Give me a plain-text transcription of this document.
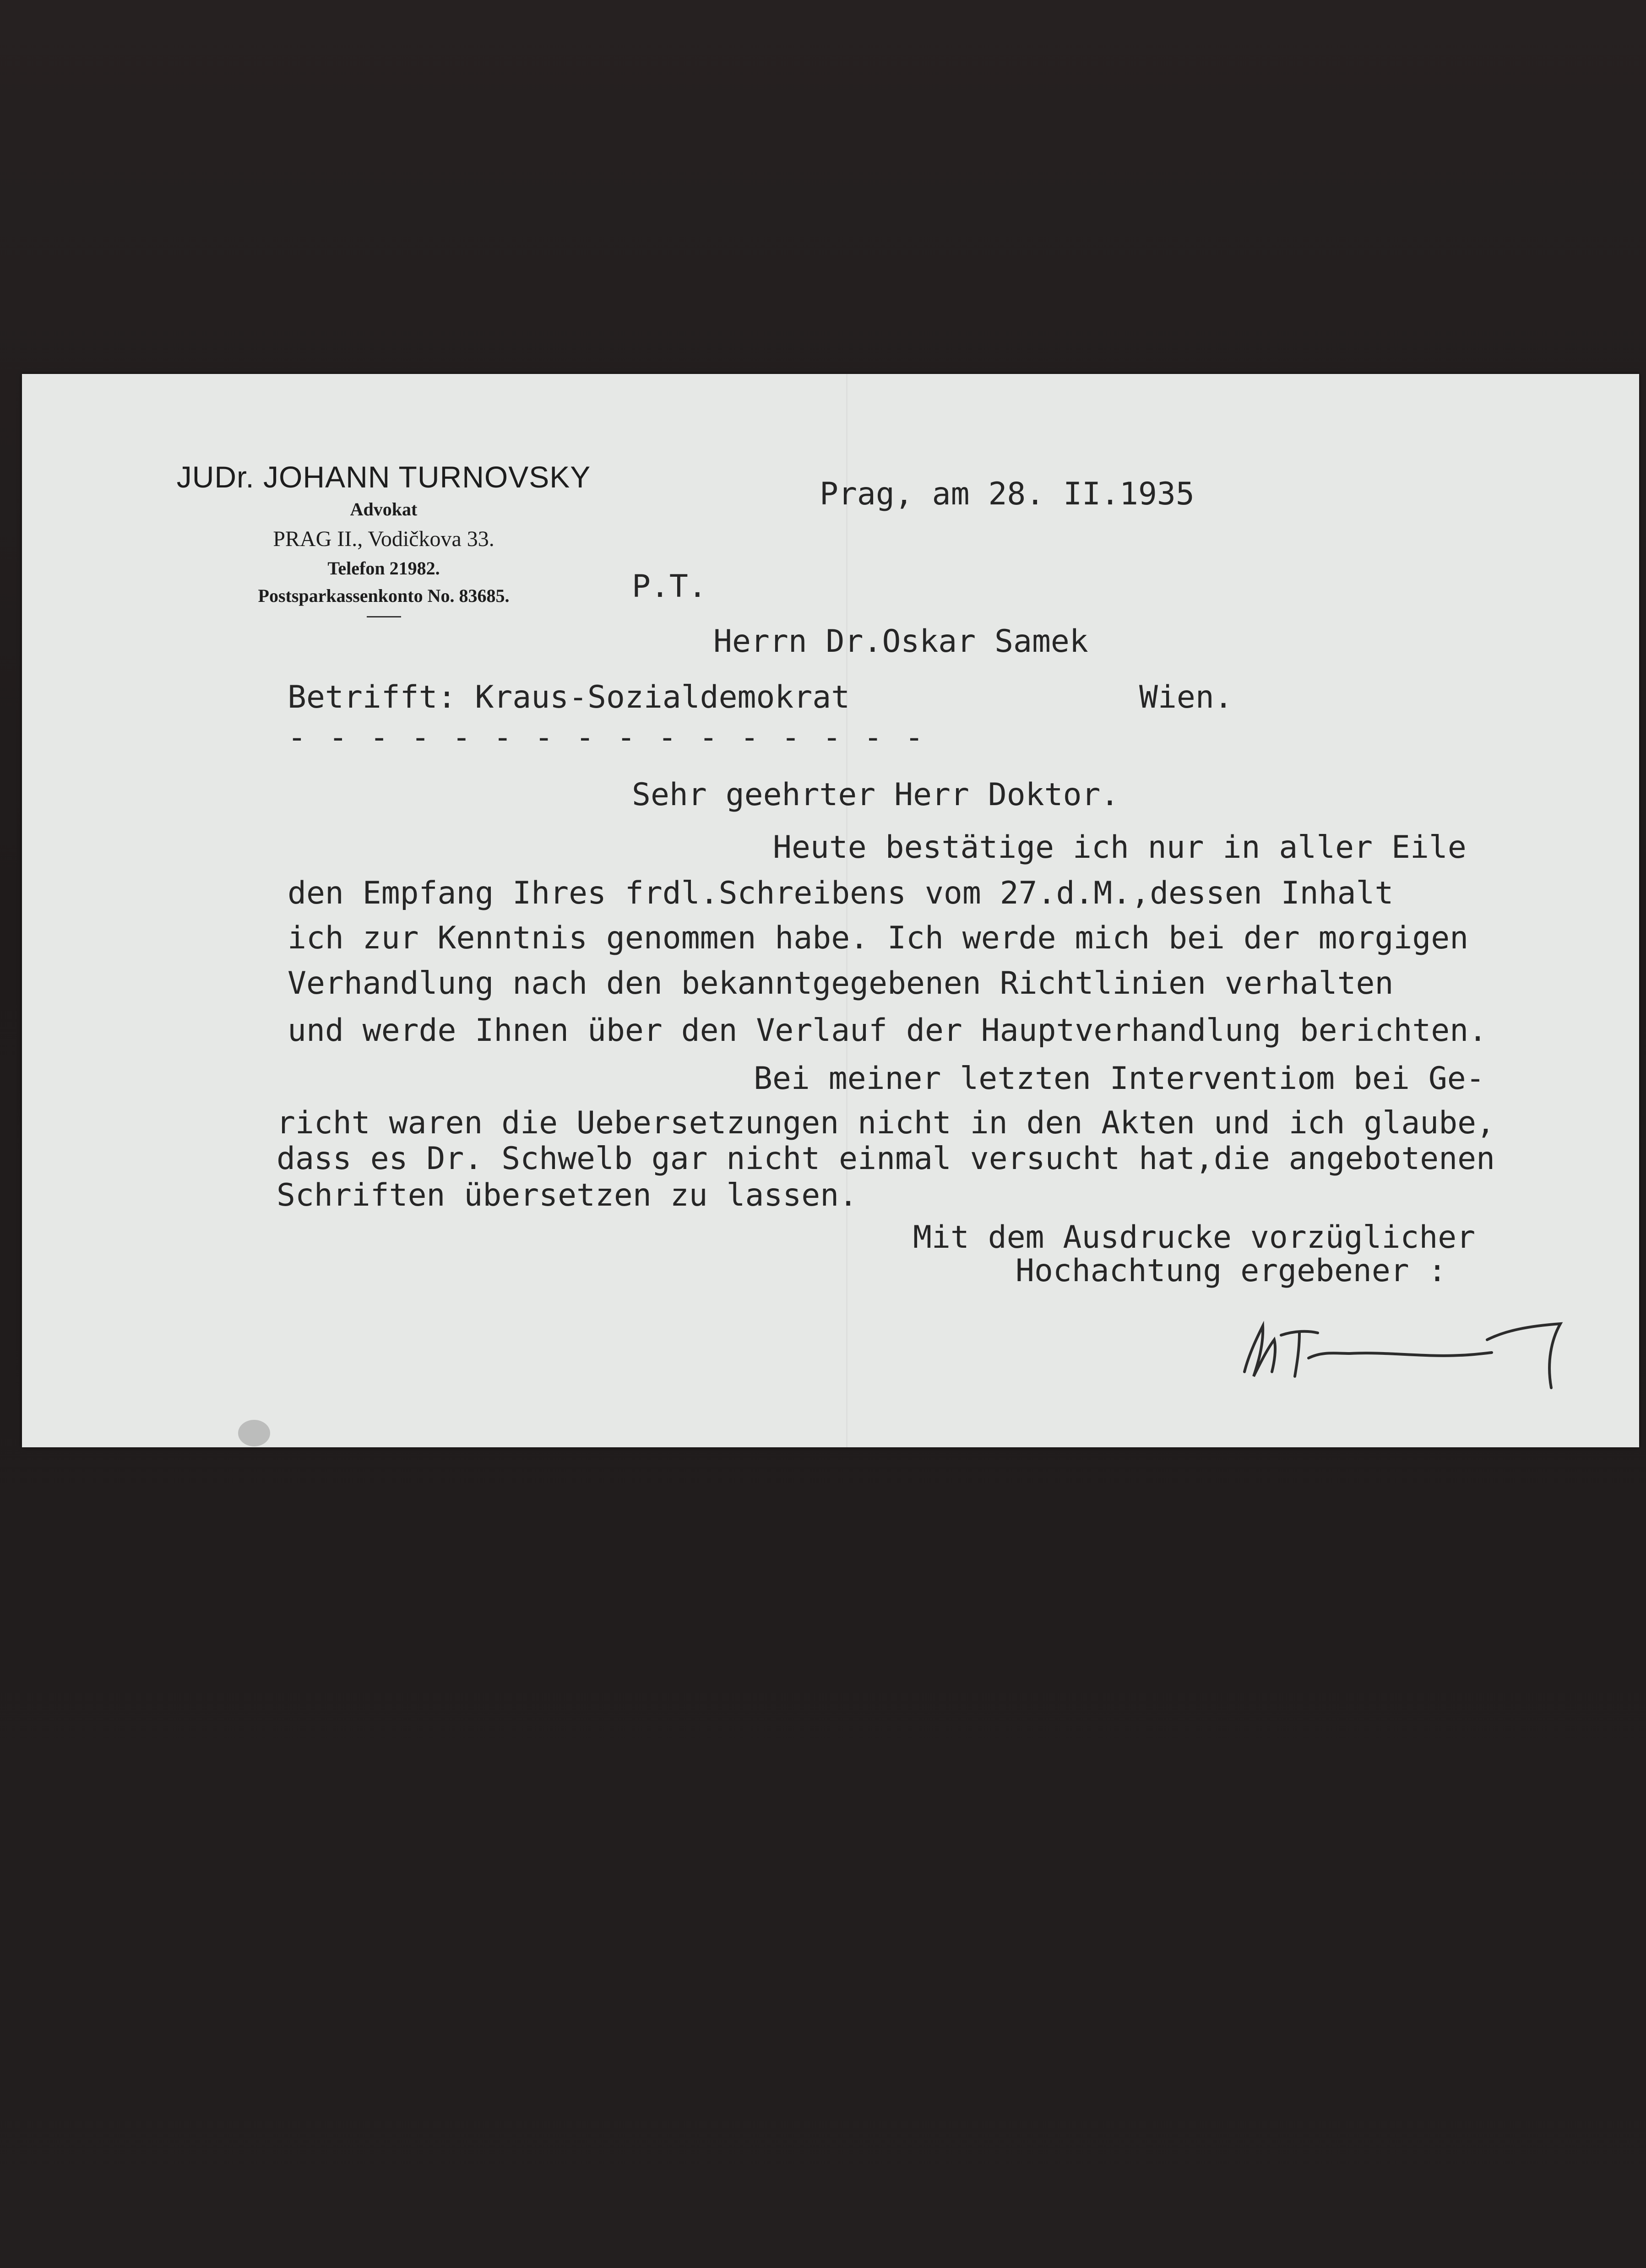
JUDr. JOHANN TURNOVSKY
Advokat
PRAG II., Vodičkova 33.
Telefon 21982.
Postsparkassenkonto No. 83685.
Prag, am 28. II.1935
P.T.
Herrn Dr.Oskar Samek
Betrifft: Kraus-Sozialdemokrat	Wien.
- - - - - - - - - - - - - - - -
Sehr geehrter Herr Doktor.
Heute bestätige ich nur in aller Eile
den Empfang Ihres frdl.Schreibens vom 27.d.M.,dessen Inhalt
ich zur Kenntnis genommen habe. Ich werde mich bei der morgigen
Verhandlung nach den bekanntgegebenen Richtlinien verhalten
und werde Ihnen über den Verlauf der Hauptverhandlung berichten.
Bei meiner letzten Interventiom bei Ge-
richt waren die Uebersetzungen nicht in den Akten und ich glaube,
dass es Dr. Schwelb gar nicht einmal versucht hat,die angebotenen
Schriften übersetzen zu lassen.
Mit dem Ausdrucke vorzüglicher
Hochachtung ergebener :
